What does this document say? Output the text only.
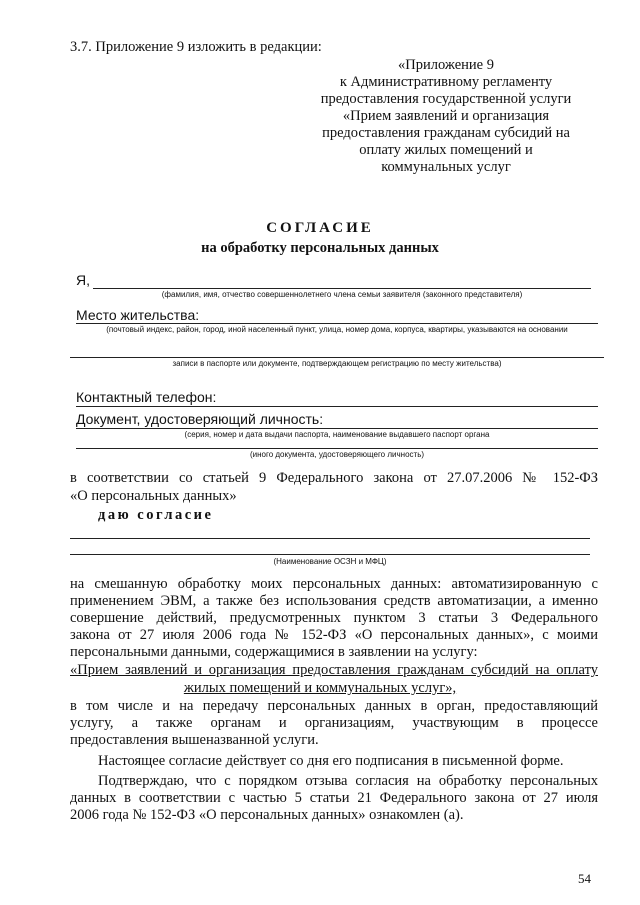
3.7. Приложение 9 изложить в редакции:
«Приложение 9
к Административному регламенту
предоставления государственной услуги
«Прием заявлений и организация
предоставления гражданам субсидий на
оплату жилых помещений и
коммунальных услуг
СОГЛАСИЕ
на обработку персональных данных
Я,
(фамилия, имя, отчество совершеннолетнего члена семьи заявителя (законного представителя)
Место жительства:
(почтовый индекс, район, город, иной населенный пункт, улица, номер дома, корпуса, квартиры, указываются на основании
записи в паспорте или документе, подтверждающем регистрацию по месту жительства)
Контактный телефон:
Документ, удостоверяющий личность:
(серия, номер и дата выдачи паспорта, наименование выдавшего паспорт органа
(иного документа, удостоверяющего личность)
в соответствии со статьей 9 Федерального закона от 27.07.2006 № 152-ФЗ
«О персональных данных»
даю согласие
(Наименование ОСЗН и МФЦ)
на смешанную обработку моих персональных данных: автоматизированную с
применением ЭВМ, а также без использования средств автоматизации, а именно
совершение действий, предусмотренных пунктом 3 статьи 3 Федерального
закона от 27 июля 2006 года № 152-ФЗ «О персональных данных», с моими
персональными данными, содержащимися в заявлении на услугу:
«Прием заявлений и организация предоставления гражданам субсидий на оплату
жилых помещений и коммунальных услуг»,
в том числе и на передачу персональных данных в орган, предоставляющий
услугу, а также органам и организациям, участвующим в процессе
предоставления вышеназванной услуги.
Настоящее согласие действует со дня его подписания в письменной форме.
Подтверждаю, что с порядком отзыва согласия на обработку персональных
данных в соответствии с частью 5 статьи 21 Федерального закона от 27 июля
2006 года № 152-ФЗ «О персональных данных» ознакомлен (а).
54
